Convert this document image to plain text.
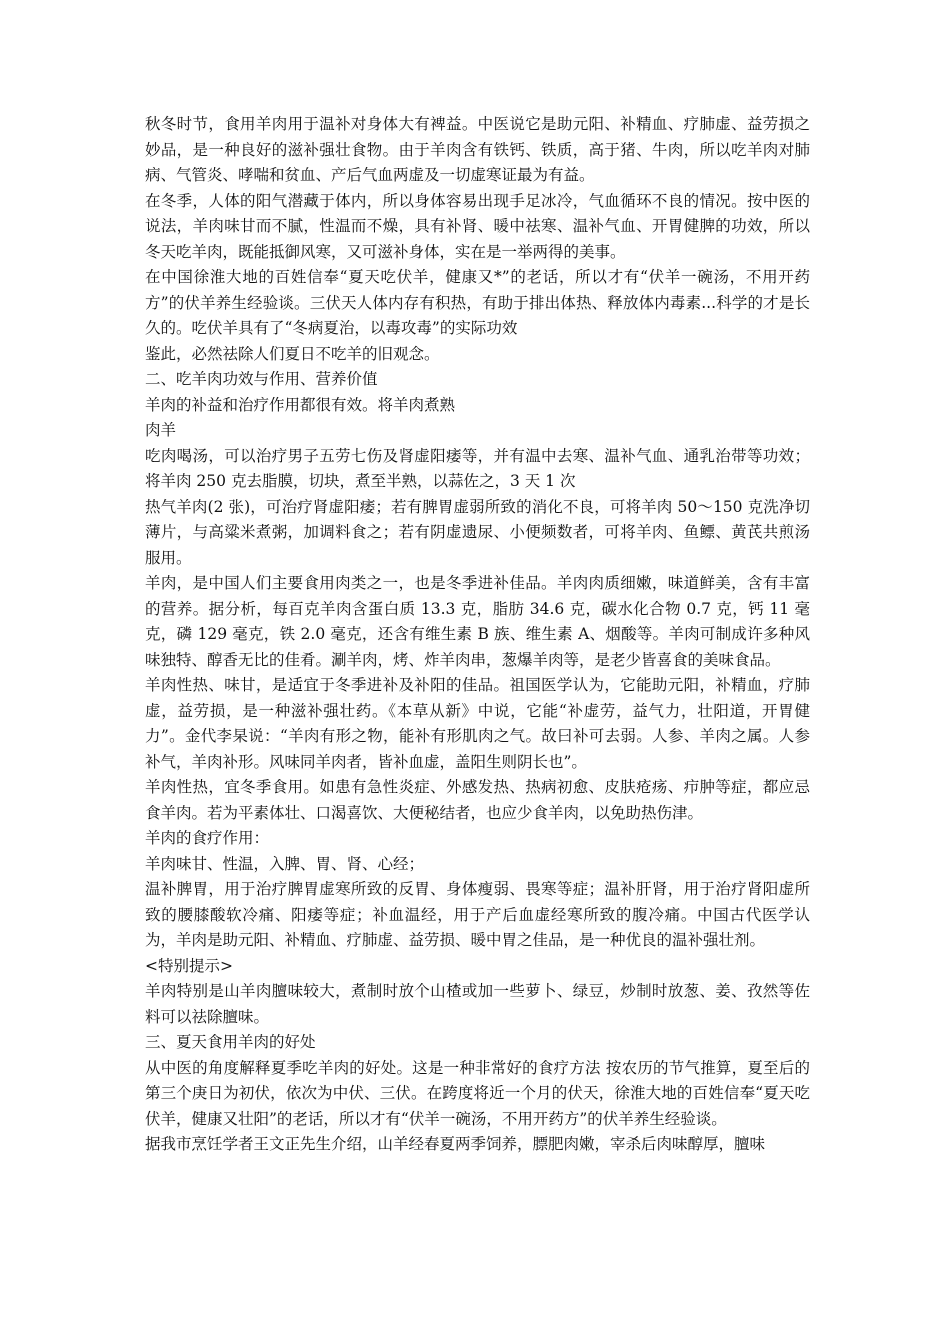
秋冬时节，食用羊肉用于温补对身体大有裨益。中医说它是助元阳、补精血、疗肺虚、益劳损之妙品，是一种良好的滋补强壮食物。由于羊肉含有铁钙、铁质，高于猪、牛肉，所以吃羊肉对肺病、气管炎、哮喘和贫血、产后气血两虚及一切虚寒证最为有益。

在冬季，人体的阳气潜藏于体内，所以身体容易出现手足冰冷，气血循环不良的情况。按中医的说法，羊肉味甘而不腻，性温而不燥，具有补肾、暖中祛寒、温补气血、开胃健脾的功效，所以冬天吃羊肉，既能抵御风寒，又可滋补身体，实在是一举两得的美事。

在中国徐淮大地的百姓信奉“夏天吃伏羊，健康又*”的老话，所以才有“伏羊一碗汤，不用开药方”的伏羊养生经验谈。三伏天人体内存有积热，有助于排出体热、释放体内毒素...科学的才是长久的。吃伏羊具有了“冬病夏治，以毒攻毒”的实际功效

鉴此，必然祛除人们夏日不吃羊的旧观念。

二、吃羊肉功效与作用、营养价值

羊肉的补益和治疗作用都很有效。将羊肉煮熟

肉羊

吃肉喝汤，可以治疗男子五劳七伤及肾虚阳痿等，并有温中去寒、温补气血、通乳治带等功效；将羊肉 250 克去脂膜，切块，煮至半熟，以蒜佐之，3 天 1 次

热气羊肉(2 张)，可治疗肾虚阳痿；若有脾胃虚弱所致的消化不良，可将羊肉 50～150 克洗净切薄片，与高粱米煮粥，加调料食之；若有阴虚遗尿、小便频数者，可将羊肉、鱼鳔、黄芪共煎汤服用。

羊肉，是中国人们主要食用肉类之一，也是冬季进补佳品。羊肉肉质细嫩，味道鲜美，含有丰富的营养。据分析，每百克羊肉含蛋白质 13.3 克，脂肪 34.6 克，碳水化合物 0.7 克，钙 11 毫克，磷 129 毫克，铁 2.0 毫克，还含有维生素 B 族、维生素 A、烟酸等。羊肉可制成许多种风味独特、醇香无比的佳肴。涮羊肉，烤、炸羊肉串，葱爆羊肉等，是老少皆喜食的美味食品。

羊肉性热、味甘，是适宜于冬季进补及补阳的佳品。祖国医学认为，它能助元阳，补精血，疗肺虚，益劳损，是一种滋补强壮药。《本草从新》中说，它能“补虚劳，益气力，壮阳道，开胃健力”。金代李杲说：“羊肉有形之物，能补有形肌肉之气。故曰补可去弱。人参、羊肉之属。人参补气，羊肉补形。风味同羊肉者，皆补血虚，盖阳生则阴长也”。

羊肉性热，宜冬季食用。如患有急性炎症、外感发热、热病初愈、皮肤疮疡、疖肿等症，都应忌食羊肉。若为平素体壮、口渴喜饮、大便秘结者，也应少食羊肉，以免助热伤津。

羊肉的食疗作用：

羊肉味甘、性温，入脾、胃、肾、心经；

温补脾胃，用于治疗脾胃虚寒所致的反胃、身体瘦弱、畏寒等症；温补肝肾，用于治疗肾阳虚所致的腰膝酸软冷痛、阳痿等症；补血温经，用于产后血虚经寒所致的腹冷痛。中国古代医学认为，羊肉是助元阳、补精血、疗肺虚、益劳损、暖中胃之佳品，是一种优良的温补强壮剂。

<特别提示>

羊肉特别是山羊肉膻味较大，煮制时放个山楂或加一些萝卜、绿豆，炒制时放葱、姜、孜然等佐料可以祛除膻味。

三、夏天食用羊肉的好处

从中医的角度解释夏季吃羊肉的好处。这是一种非常好的食疗方法 按农历的节气推算，夏至后的第三个庚日为初伏，依次为中伏、三伏。在跨度将近一个月的伏天，徐淮大地的百姓信奉“夏天吃伏羊，健康又壮阳”的老话，所以才有“伏羊一碗汤，不用开药方”的伏羊养生经验谈。

据我市烹饪学者王文正先生介绍，山羊经春夏两季饲养，膘肥肉嫩，宰杀后肉味醇厚，膻味
